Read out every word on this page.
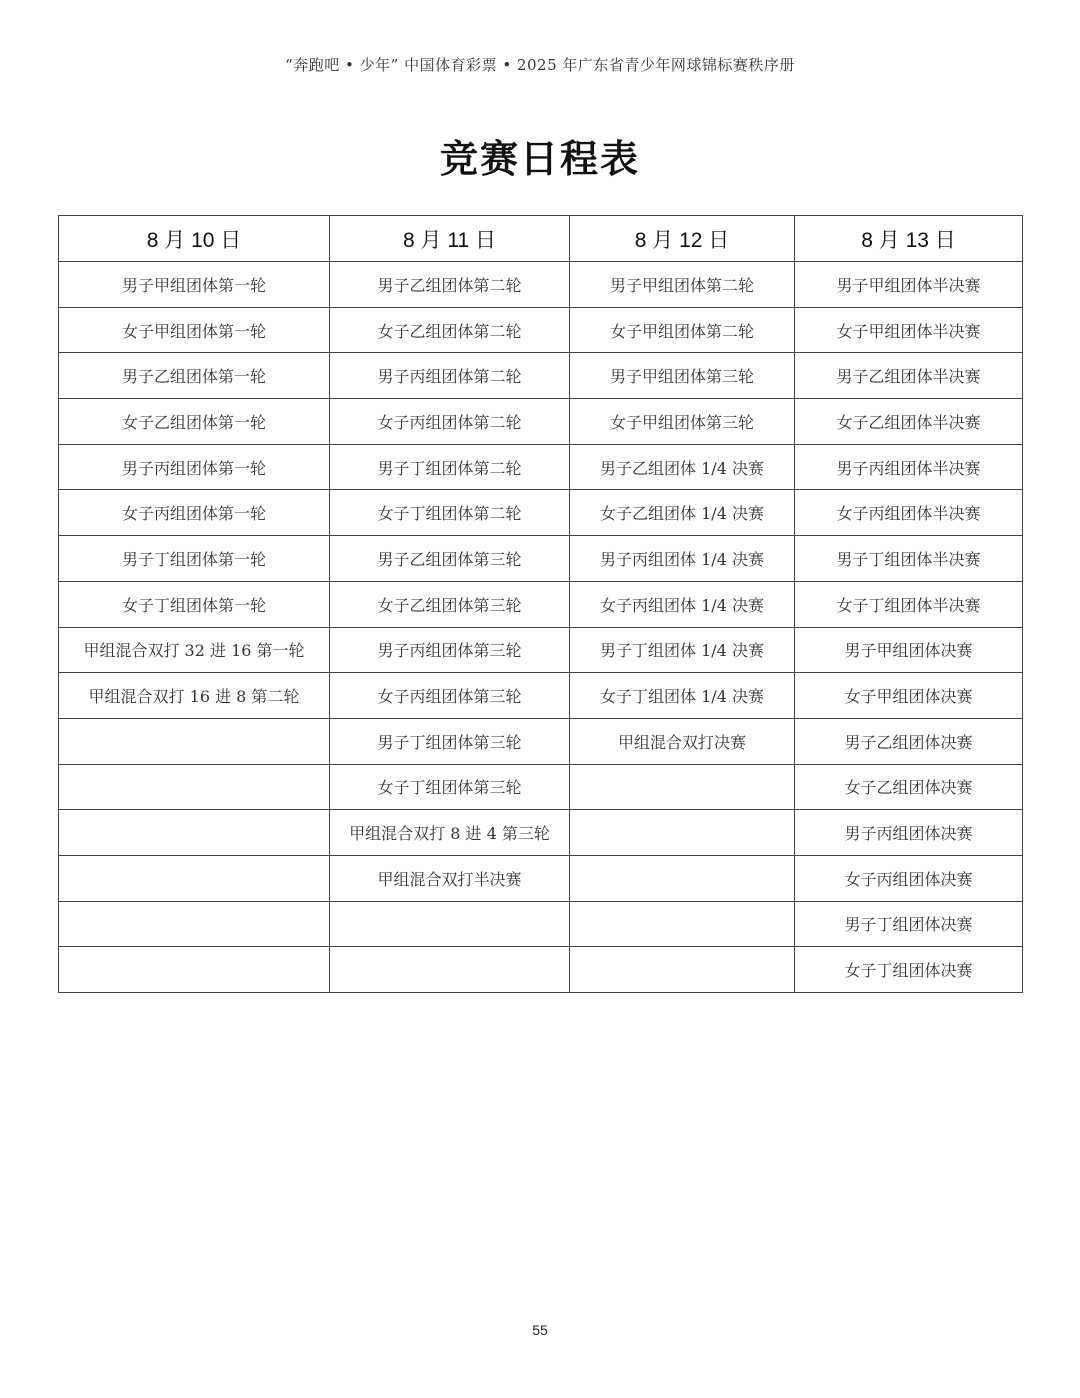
“奔跑吧 • 少年” 中国体育彩票 • 2025 年广东省青少年网球锦标赛秩序册
竞赛日程表
8 月 10 日	8 月 11 日	8 月 12 日	8 月 13 日
男子甲组团体第一轮	男子乙组团体第二轮	男子甲组团体第二轮	男子甲组团体半决赛
女子甲组团体第一轮	女子乙组团体第二轮	女子甲组团体第二轮	女子甲组团体半决赛
男子乙组团体第一轮	男子丙组团体第二轮	男子甲组团体第三轮	男子乙组团体半决赛
女子乙组团体第一轮	女子丙组团体第二轮	女子甲组团体第三轮	女子乙组团体半决赛
男子丙组团体第一轮	男子丁组团体第二轮	男子乙组团体 1/4 决赛	男子丙组团体半决赛
女子丙组团体第一轮	女子丁组团体第二轮	女子乙组团体 1/4 决赛	女子丙组团体半决赛
男子丁组团体第一轮	男子乙组团体第三轮	男子丙组团体 1/4 决赛	男子丁组团体半决赛
女子丁组团体第一轮	女子乙组团体第三轮	女子丙组团体 1/4 决赛	女子丁组团体半决赛
甲组混合双打 32 进 16 第一轮	男子丙组团体第三轮	男子丁组团体 1/4 决赛	男子甲组团体决赛
甲组混合双打 16 进 8 第二轮	女子丙组团体第三轮	女子丁组团体 1/4 决赛	女子甲组团体决赛
	男子丁组团体第三轮	甲组混合双打决赛	男子乙组团体决赛
	女子丁组团体第三轮		女子乙组团体决赛
	甲组混合双打 8 进 4 第三轮		男子丙组团体决赛
	甲组混合双打半决赛		女子丙组团体决赛
			男子丁组团体决赛
			女子丁组团体决赛
55
